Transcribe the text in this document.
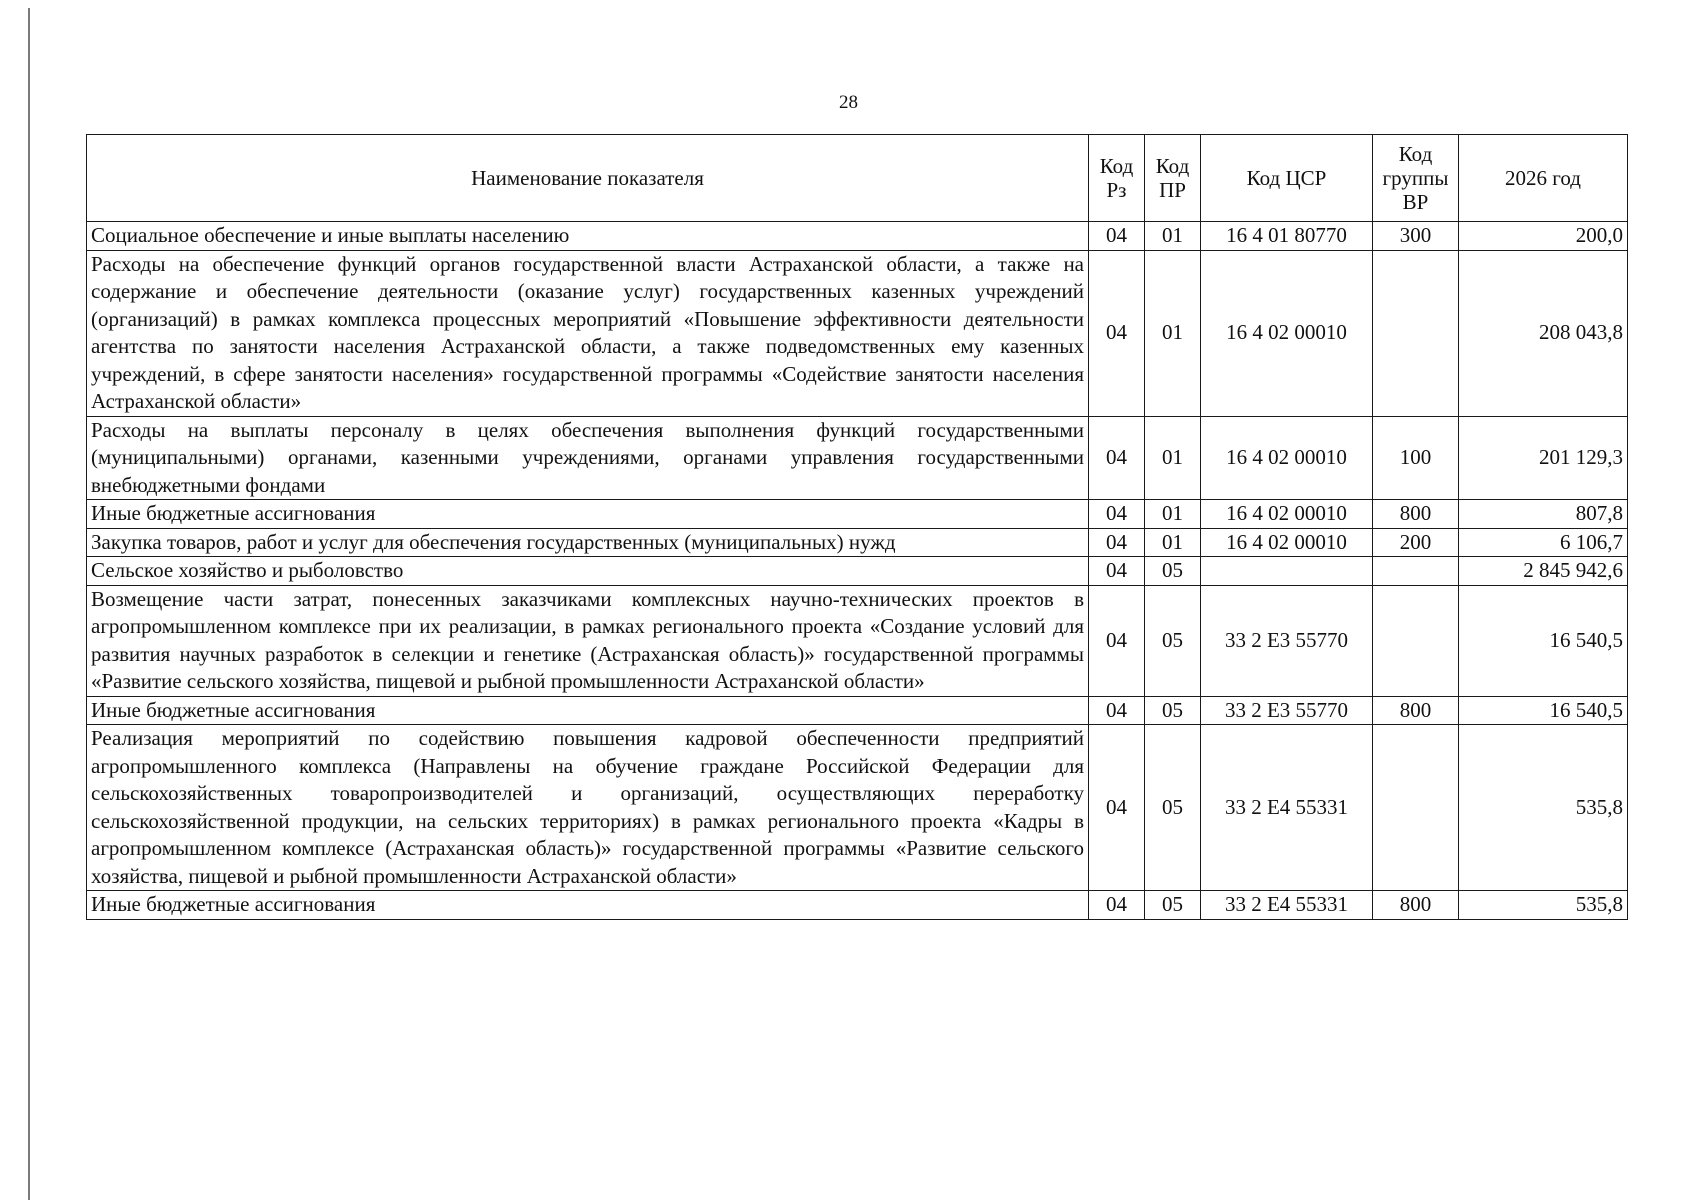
28
Наименование показателя	Код Рз	Код ПР	Код ЦСР	Код группы ВР	2026 год
Социальное обеспечение и иные выплаты населению	04	01	16 4 01 80770	300	200,0
Расходы на обеспечение функций органов государственной власти Астраханской области, а также на содержание и обеспечение деятельности (оказание услуг) государственных казенных учреждений (организаций) в рамках комплекса процессных мероприятий «Повышение эффективности деятельности агентства по занятости населения Астраханской области, а также подведомственных ему казенных учреждений, в сфере занятости населения» государственной программы «Содействие занятости населения Астраханской области»	04	01	16 4 02 00010		208 043,8
Расходы на выплаты персоналу в целях обеспечения выполнения функций государственными (муниципальными) органами, казенными учреждениями, органами управления государственными внебюджетными фондами	04	01	16 4 02 00010	100	201 129,3
Иные бюджетные ассигнования	04	01	16 4 02 00010	800	807,8
Закупка товаров, работ и услуг для обеспечения государственных (муниципальных) нужд	04	01	16 4 02 00010	200	6 106,7
Сельское хозяйство и рыболовство	04	05			2 845 942,6
Возмещение части затрат, понесенных заказчиками комплексных научно-технических проектов в агропромышленном комплексе при их реализации, в рамках регионального проекта «Создание условий для развития научных разработок в селекции и генетике (Астраханская область)» государственной программы «Развитие сельского хозяйства, пищевой и рыбной промышленности Астраханской области»	04	05	33 2 Е3 55770		16 540,5
Иные бюджетные ассигнования	04	05	33 2 Е3 55770	800	16 540,5
Реализация мероприятий по содействию повышения кадровой обеспеченности предприятий агропромышленного комплекса (Направлены на обучение граждане Российской Федерации для сельскохозяйственных товаропроизводителей и организаций, осуществляющих переработку сельскохозяйственной продукции, на сельских территориях) в рамках регионального проекта «Кадры в агропромышленном комплексе (Астраханская область)» государственной программы «Развитие сельского хозяйства, пищевой и рыбной промышленности Астраханской области»	04	05	33 2 Е4 55331		535,8
Иные бюджетные ассигнования	04	05	33 2 Е4 55331	800	535,8
